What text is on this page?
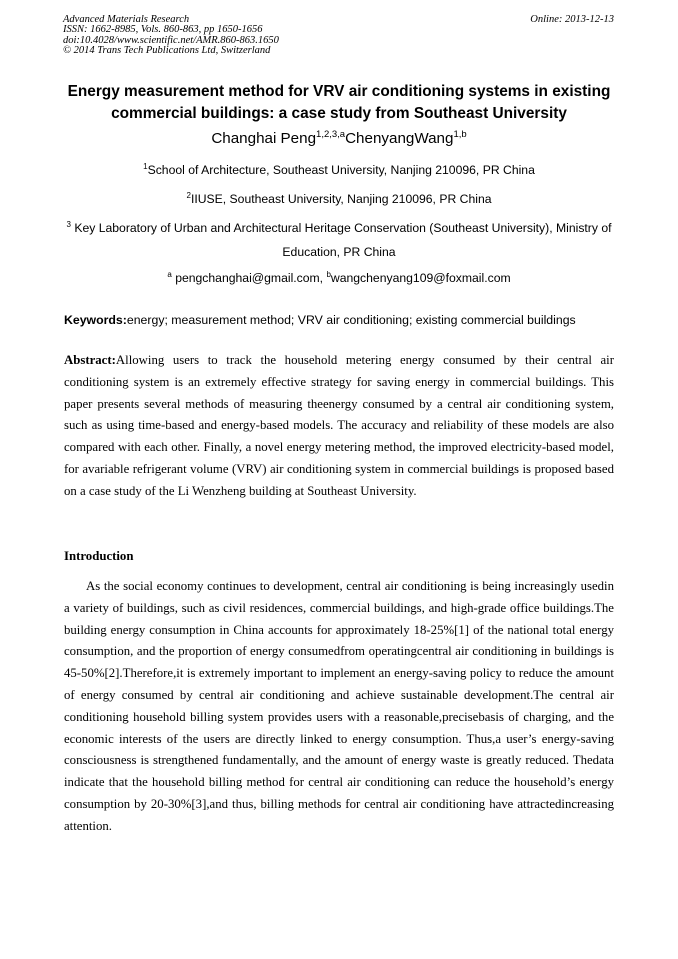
Advanced Materials Research
ISSN: 1662-8985, Vols. 860-863, pp 1650-1656
doi:10.4028/www.scientific.net/AMR.860-863.1650
© 2014 Trans Tech Publications Ltd, Switzerland
Online: 2013-12-13
Energy measurement method for VRV air conditioning systems in existing commercial buildings: a case study from Southeast University
Changhai Peng$^{1,2,3,a}$ChenyangWang$^{1,b}$
$^1$School of Architecture, Southeast University, Nanjing 210096, PR China
$^2$IIUSE, Southeast University, Nanjing 210096, PR China
$^3$ Key Laboratory of Urban and Architectural Heritage Conservation (Southeast University), Ministry of Education, PR China
$^a$ pengchanghai@gmail.com, $^b$wangchenyang109@foxmail.com
Keywords:energy; measurement method; VRV air conditioning; existing commercial buildings
Abstract:Allowing users to track the household metering energy consumed by their central air conditioning system is an extremely effective strategy for saving energy in commercial buildings. This paper presents several methods of measuring theenergy consumed by a central air conditioning system, such as using time-based and energy-based models. The accuracy and reliability of these models are also compared with each other. Finally, a novel energy metering method, the improved electricity-based model, for avariable refrigerant volume (VRV) air conditioning system in commercial buildings is proposed based on a case study of the Li Wenzheng building at Southeast University.
Introduction
As the social economy continues to development, central air conditioning is being increasingly usedin a variety of buildings, such as civil residences, commercial buildings, and high-grade office buildings.The building energy consumption in China accounts for approximately 18-25%[1] of the national total energy consumption, and the proportion of energy consumedfrom operatingcentral air conditioning in buildings is 45-50%[2].Therefore,it is extremely important to implement an energy-saving policy to reduce the amount of energy consumed by central air conditioning and achieve sustainable development.The central air conditioning household billing system provides users with a reasonable,precisebasis of charging, and the economic interests of the users are directly linked to energy consumption. Thus,a user’s energy-saving consciousness is strengthened fundamentally, and the amount of energy waste is greatly reduced. Thedata indicate that the household billing method for central air conditioning can reduce the household’s energy consumption by 20-30%[3],and thus, billing methods for central air conditioning have attractedincreasing attention.
